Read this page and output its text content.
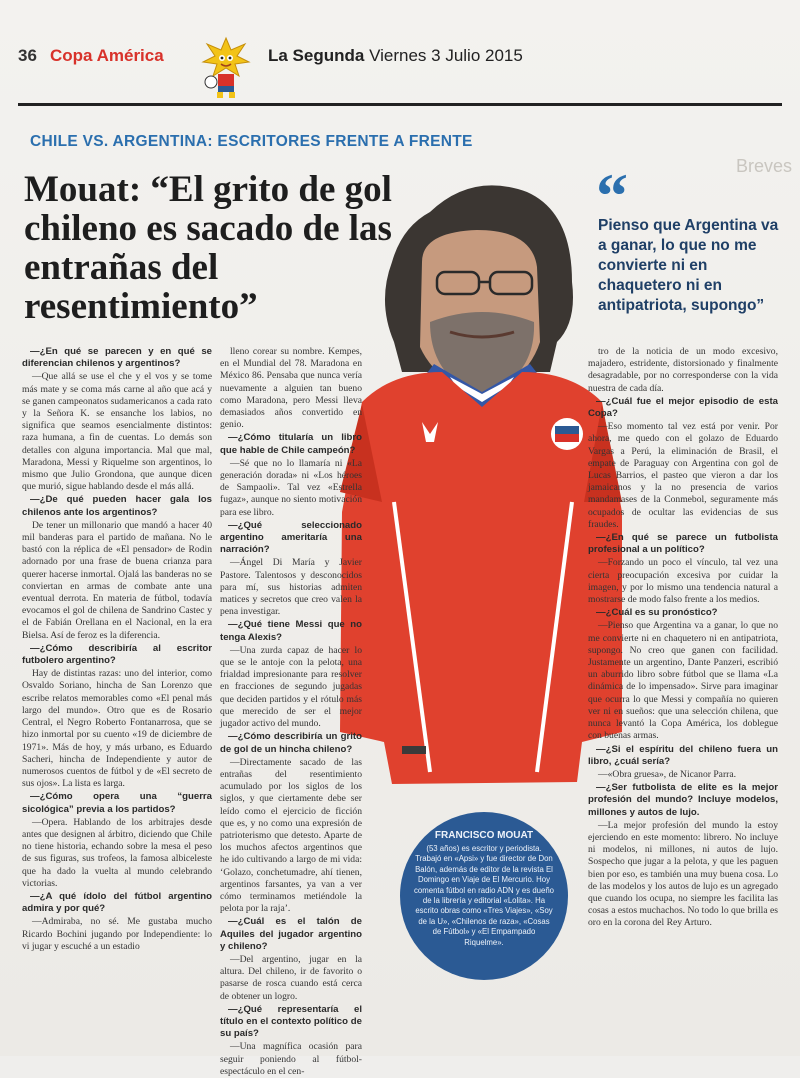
36 Copa América	La Segunda Viernes 3 Julio 2015
CHILE VS. ARGENTINA: ESCRITORES FRENTE A FRENTE
Mouat: “El grito de gol chileno es sacado de las entrañas del resentimiento”
Breves
“

Pienso que Argentina va a ganar, lo que no me convierte ni en chaquetero ni en antipatriota, supongo”

—¿En qué se parecen y en qué se diferencian chilenos y argentinos?

—Que allá se use el che y el vos y se tome más mate y se coma más carne al año que acá y se ganen campeonatos sudamericanos a cada rato y la Señora K. se ensanche los labios, no significa que seamos esencialmente distintos: raza humana, a fin de cuentas. Lo demás son detalles con alguna importancia. Mal que mal, Maradona, Messi y Riquelme son argentinos, lo mismo que Julio Grondona, que aunque dicen que murió, sigue hablando desde el más allá.

—¿De qué pueden hacer gala los chilenos ante los argentinos?

De tener un millonario que mandó a hacer 40 mil banderas para el partido de mañana. No le bastó con la réplica de «El pensador» de Rodin adornado por una frase de buena crianza para querer hacerse inmortal. Ojalá las banderas no se conviertan en armas de combate ante una eventual derrota. En materia de fútbol, todavía evocamos el gol de chilena de Sandrino Castec y el de Fabián Orellana en el Nacional, en la era Bielsa. Así de feroz es la diferencia.

—¿Cómo describiría al escritor futbolero argentino?

Hay de distintas razas: uno del interior, como Osvaldo Soriano, hincha de San Lorenzo que escribe relatos memorables como «El penal más largo del mundo». Otro que es de Rosario Central, el Negro Roberto Fontanarrosa, que se hizo inmortal por su cuento «19 de diciembre de 1971». Más de hoy, y más urbano, es Eduardo Sacheri, hincha de Independiente y autor de numerosos cuentos de fútbol y de «El secreto de sus ojos». La lista es larga.

—¿Cómo opera una “guerra sicológica” previa a los partidos?

—Opera. Hablando de los arbitrajes desde antes que designen al árbitro, diciendo que Chile no tiene historia, echando sobre la mesa el peso de sus figuras, sus trofeos, la famosa albiceleste que ha dado la vuelta al mundo celebrando victorias.

—¿A qué ídolo del fútbol argentino admira y por qué?

—Admiraba, no sé. Me gustaba mucho Ricardo Bochini jugando por Independiente: lo vi jugar y escuché a un estadio

lleno corear su nombre. Kempes, en el Mundial del 78. Maradona en México 86. Pensaba que nunca vería nuevamente a alguien tan bueno como Maradona, pero Messi lleva demasiados años convertido en genio.

—¿Cómo titularía un libro que hable de Chile campeón?

—Sé que no lo llamaría ni «La generación dorada» ni «Los héroes de Sampaoli». Tal vez «Estrella fugaz», aunque no siento motivación para ese libro.

—¿Qué seleccionado argentino ameritaría una narración?

—Ángel Di María y Javier Pastore. Talentosos y desconocidos para mí, sus historias admiten matices y secretos que creo valen la pena investigar.

—¿Qué tiene Messi que no tenga Alexis?

—Una zurda capaz de hacer lo que se le antoje con la pelota, una frialdad impresionante para resolver en fracciones de segundo jugadas que deciden partidos y el rótulo más que merecido de ser el mejor jugador activo del mundo.

—¿Cómo describiría un grito de gol de un hincha chileno?

—Directamente sacado de las entrañas del resentimiento acumulado por los siglos de los siglos, y que ciertamente debe ser leído como el ejercicio de ficción que es, y no como una expresión de patrioterismo que detesto. Aparte de los muchos afectos argentinos que he ido cultivando a largo de mi vida: ‘Golazo, conchetumadre, ahí tienen, argentinos farsantes, ya van a ver cómo terminamos metiéndole la pelota por la raja’.

—¿Cuál es el talón de Aquiles del jugador argentino y chileno?

—Del argentino, jugar en la altura. Del chileno, ir de favorito o pasarse de rosca cuando está cerca de obtener un logro.

—¿Qué representaría el título en el contexto político de su país?

—Una magnífica ocasión para seguir poniendo al fútbol-espectáculo en el cen-

tro de la noticia de un modo excesivo, majadero, estridente, distorsionado y finalmente desagradable, por no corresponderse con la vida nuestra de cada día.

—¿Cuál fue el mejor episodio de esta Copa?

—Eso momento tal vez está por venir. Por ahora, me quedo con el golazo de Eduardo Vargas a Perú, la eliminación de Brasil, el empate de Paraguay con Argentina con gol de Lucas Barrios, el pasteo que vieron a dar los jamaicanos y la no presencia de varios mandamases de la Conmebol, seguramente más ocupados de ocultar las evidencias de sus fraudes.

—¿En qué se parece un futbolista profesional a un político?

—Forzando un poco el vínculo, tal vez una cierta preocupación excesiva por cuidar la imagen, y por lo mismo una tendencia natural a mostrarse de modo falso frente a los medios.

—¿Cuál es su pronóstico?

—Pienso que Argentina va a ganar, lo que no me convierte ni en chaquetero ni en antipatriota, supongo. No creo que ganen con facilidad. Justamente un argentino, Dante Panzeri, escribió un aburrido libro sobre fútbol que se llama «La dinámica de lo impensado». Sirve para imaginar que ocurra lo que Messi y compañía no quieren ver ni en sueños: que una selección chilena, que nunca levantó la Copa América, los doblegue con buenas armas.

—¿Si el espíritu del chileno fuera un libro, ¿cuál sería?

—«Obra gruesa», de Nicanor Parra.

—¿Ser futbolista de elite es la mejor profesión del mundo? Incluye modelos, millones y autos de lujo.

—La mejor profesión del mundo la estoy ejerciendo en este momento: librero. No incluye ni modelos, ni millones, ni autos de lujo. Sospecho que jugar a la pelota, y que les paguen bien por eso, es también una muy buena cosa. Lo de las modelos y los autos de lujo es un agregado que cuando los ocupa, no siempre les facilita las cosas a estos muchachos. No todo lo que brilla es oro en la corona del Rey Arturo.

FRANCISCO MOUAT
(53 años) es escritor y periodista. Trabajó en «Apsi» y fue director de Don Balón, además de editor de la revista El Domingo en Viaje de El Mercurio. Hoy comenta fútbol en radio ADN y es dueño de la librería y editorial «Lolita». Ha escrito obras como «Tres Viajes», «Soy de la U», «Chilenos de raza», «Cosas de Fútbol» y «El Empampado Riquelme».
